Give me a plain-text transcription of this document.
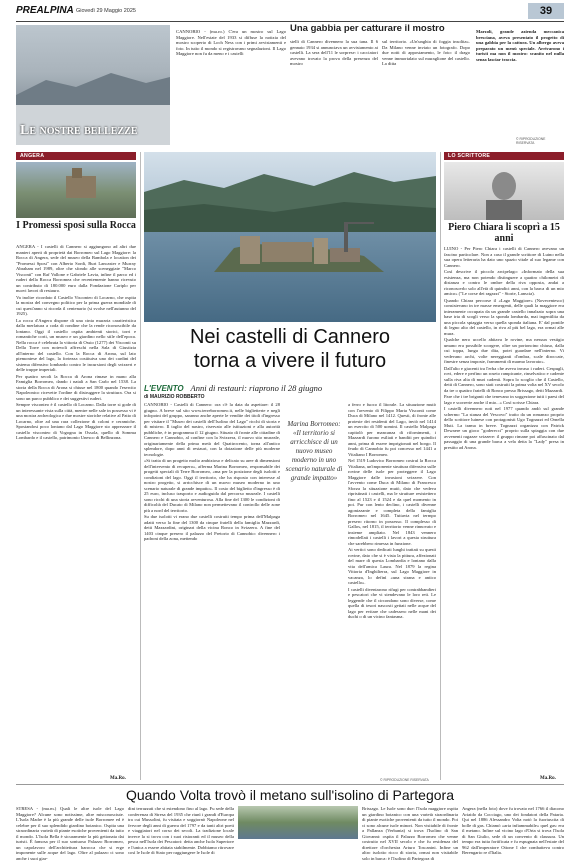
PREALPINA Giovedì 29 Maggio 2025	39
Le nostre bellezze
CANNOBIO - (ma.ro.) C'era un mostro sul Lago Maggiore. Nell'estate del 1933 si diffuse la notizia del mostro scoperto di Loch Ness con i primi avvistamenti e foto. In tutto il mondo si registravano segnalazioni. Il Lago Maggiore non fu da meno e i castelli
Una gabbia per catturare il mostro
stelli di Cannero divennero la sua tana. Il 6 gennaio 1934 si annunciava un avvistamento ai castelli. La sera dell'11 le sorprese: i cacciatori avevano trovato la prova della presenza del mostro
sul territorio. «Un'unghia di foggia insolita». Da Milano venne inviato un fotografo. Dopo due notti di appostamento, le foto: il drago venne immortalato sul muraglione del castello. La ditta
Marzoli, grande azienda meccanica bresciana, aveva presentato il progetto di una gabbia per la cattura. Un albergo aveva preparato un menù speciale. Arrivarono i turisti ma non il mostro: svanito nel nulla senza lasciar traccia.
© RIPRODUZIONE RISERVATA
ANGERA
I Promessi sposi sulla Rocca

ANGERA - I castelli di Cannero si aggiungono ad altri due manieri aperti di proprietà dai Borromeo sul Lago Maggiore: la Rocca di Angera, sede del museo della Bambola e location dei "Promessi Sposi" con Alberto Sordi, Burt Lancaster e Murray Abraham nel 1989, oltre che sfondo alle sceneggiate "Marco Visconti" con Raf Vallone e Gabriele Lavia, infine il parco ed i ruderi della Rocca Borromea che recentemente hanno ricevuto un contributo di 180.000 euro dalla Fondazione Cariplo per nuovi lavori di restauro.

Va inoltre ricordato il Castello Visconteo di Locarno, che ospita la mostra del convegno politico per la prima guerra mondiale di cui quest'anno si ricorda il centenario (si svolse nell'autunno del 1925).

La rocca d'Angera dispone di una cinta muraria caratteristica dalla merlatura a coda di rondine che la rende riconoscibile da lontano. Oggi il castello ospita ambienti storici, torri e romantiche corti, un museo e un giardino nello stile dell'epoca. Nella rocca è celebrata la vittoria di Ossio (1277) dei Visconti su Della Torre con notevoli affreschi nella Sala di Giustizia all'interno del castello. Con la Rocca di Arona, sul lato piemontese del lago, la fortezza costituiva uno dei cardini del sistema difensivo lombardo contro le incursioni degli svizzeri e delle truppe imperiali.

Per quattro secoli la Rocca di Arona rimase in mano alla Famiglia Borromeo, dando i natali a San Carlo nel 1538. La storia della Rocca di Arona si chiuse nel 1800 quando l'esercito Napoleonico ricevette l'ordine di distruggere la struttura. Ora si sono un parco pubblico e dei suggestivi ruderi.

Sempre visconteo è il castello di Locarno. Dalla torre si gode di un interessante vista sulla città, mentre nelle sale in possesso vi è una mostra archeologica e due mostre storiche relative al Patto di Locarno, oltre ad una rara collezione di coloni e ceramiche. Spostandosi poco lontano dal Lago Maggiore sto apprezzare il castello visconteo di Vogogna in Ossola, quello di Somma Lombardo e il castello, patrimonio Unesco di Bellinzona.

Ma.Ro.
LO SCRITTORE
Piero Chiara li scoprì a 15 anni

LUINO - Per Piero Chiara i castelli di Cannero avevano un fascino particolare. Non a caso il grande scrittore di Luino nella sua opera letteraria ha dato uno spazio vitale al suo legame con Cannero.

Così descrive il piccolo arcipelago: «Informato della sua esistenza, ma non potendo distinguere a quattro chilometri di distanza e contro le ombre della riva opposta, andai a riconoscerlo solo all'età di quindici anni, con la barca di un mio amico» ("Le corse dei ragazzi" - Storie, Lanscia).

Quando Chiara percorse il «Lago Maggiore» (Novecentesco) consistevano in tre masse emergenti, delle quali la maggiore era interamente occupata da un grande castello innalzato sopra una base irta di scogli verso la sponda lombarda, mai ingentilita da una piccola spiaggia verso quella sponda italiana. E' dal pontile di legno alto del castello, in riva al più bel lago, era ormai alle mura.

Qualche nero uccello abitava le rovine, ma nessun vestigio umano era possibile scorgere, oltre un portoncino chiuso, dalla cui toppa, lunga due dita, potei guardare nell'interno. Vi vedevano archi, volte nereggianti d'ombra, scale diroccate, finestre senza imposte, frammenti di marmo lavorato».

Dall'alto e giacenti tra l'erba che aveva invaso i ruderi. Cespugli, rovi, edere e perfino un roseto rampicante, rinselvatico e cadente sulla riva alta di muri cadenti. Sopra lo scoglio che il Castello, detti di Cannero, sono stati costruiti la prima volta nel XV secolo da tre o quattro fratelli di Ronco presso Brissago, detti Mazzardi.

Pare che i tre briganti che tenevano in soggezione tutti i paesi del lago e scorrerie anche il mio...» Così scrisse Chiara.

I castelli divennero noti nel 1977 quando andò sul grande schermo "La stanza del Vescovo" tratto da un romanzo proprio dello scrittore luinese con protagonisti Ugo Tognazzi ed Ornella Muti. La trama in breve. Tognazzi organizza con Patrick Dewaere un gioco "goderecci" proprio sulla spiaggia con due avvenenti ragazze svizzere: il gruppo rimane poi affascinato dal passaggio di una grande barca a vela detta la "Lady" presa in prestito ad Arona.

Ma.Ro.
Nei castelli di Cannero
torna a vivere il futuro
L'EVENTO Anni di restauri: riaprono il 28 giugno
di MAURIZIO ROBBERTO

CANNOBIO - Castelli di Cannero: ora c'è la data da aspettare: il 28 giugno. A breve sul sito www.terreborromeo.it, nelle biglietterie e negli infopoint del gruppo, saranno anche aperte le vendite dei titoli d'ingresso per visitare il "Museo dei castelli dell'Isolino del Lago" ricchi di storia e di mistero. Il taglio del nastro, riservato alle istituzioni e alla autorità pubbliche, è in programma il 12 giugno. Situato di fronte alle cittadine di Cannero e Cannobio, al confine con la Svizzera, il nuovo sito museale, originariamente della prima metà del Quattrocento, torna all'antico splendore, dopo anni di restauri, con la dotazione delle più moderne tecnologie.

«Si tratta di un progetto molto ambizioso e delicato su aree di dimensioni dell'intervento di recupero», afferma Marina Borromeo, responsabile dei progetti speciali di Terre Borromeo, «ma per la posizione degli isolotti e condizioni del lago. Oggi il territorio, che ha risposto con interesse al nostro progetto, si arricchisce di un nuovo museo moderno in uno scenario naturale di grande impatto». Il costo del biglietto d'ingresso è di 25 euro, incluso trasporto e audioguida dal percorso museale. I castelli sono ricchi di una storia avventurosa. Alla fine del 1300 le condizioni di difficoltà del Ducato di Milano non permettevano il controllo delle zone più a nord del territorio.

Su due isolotti vi erano due castelli costruiti tempo prima dell'Malpaga adatti verso la fine del 1300 da cinque fratelli della famiglia Mazzardi, detti Mazzardini, originari della vicina Ronco in Svizzera. A fine del 1403 cinque presero il palazzo del Pretorio di Cannobio: divennero i padroni della zona, mettendo

Marina Borromeo: «Il territorio si arricchisce di un nuovo museo moderno in uno scenario naturale di grande impatto»

a ferro e fuoco il litorale. La situazione mutò con l'avvento di Filippo Maria Visconti come Duca di Milano nel 1412. Questi, di fronte alle proteste dei residenti del Lago, inviò nel 1414 un esercito di 500 uomini. Il castello Malpaga capitolò per mancanza di rifornimenti, i Mazzardi furono esiliati e banditi per quindici anni, prima di essere imprigionati nel borgo. Il feudo di Cannobio fu poi concesso nel 1441 a Vitaliano I Borromeo.

Nel 1519 Ludovico Borromeo costruì la Rocca Vitaliana, un'imponente struttura difensiva sulle rovine delle isole per proteggere il Lago Maggiore dalle invasioni svizzere. Con l'avvento come Duca di Milano di Francesco Sforza la situazione mutò, dato che vedeva ripristinati i castelli, ma le strutture resistettero fino al 1523 e il 1524 e da quel momento in poi. Pur con lento declino, i castelli divenne agonizzante e completa della famiglia Borromeo nel 1645. Tuttavia nel termpo presero ritorno in possesso. Il complesso di Gallos, nel 1815, il territorio venne rinnovato e insieme ampliato. Nel 1843 vennero rimodellati i castelli i lavori a questa struttura che sarebbero rimessa in funzione.

Ai vertici sono dedicati lunghi trattati su questi rovine, dato che si è vista la pittura, affezionati del mare di questa Lombardia e lontano dalla vita dell'amica Laura. Nel 1879 la regina Vittoria d'Inghilterra, sul Lago Maggiore in vacanza, lo definì «una strana e antico castello».

I castelli diventarono rifugi per contrabbandieri e pescatori che vi stendevano le loro reti. Le leggende che il circondano sono diverse, come quella di tesori nascosti gettati nelle acque del lago per evitare che cadessero nelle mani dei duchi o di un vicino fantasma.

© RIPRODUZIONE RISERVATA
Quando Volta trovò il metano sull'isolino di Partegora
STRESA - (ma.m.) Quali le altre isole del Lago Maggiore? Alcune sono notissime, altre misconosciute. L'Isola Madre è la più grande delle isole Borromee ed è celebre per il suo splendido giardino botanico. Ospita una straordinaria varietà di piante esotiche provenienti da tutto il mondo. L'Isola Bella è sicuramente la più gettonata dai turisti. È famosa per il suo sontuoso Palazzo Borromeo, un capolavoro dell'architettura barocca che si erge imponente sulle acque del lago. Oltre al palazzo ci sono anche i suoi giar-
dini terrazzati che si estendono fino al lago. Fu sede della conferenza di Stresa del 1935 che riunì i grandi d'Europa tra cui Mussolini, fu visitata e soggiornò Napoleone nel fervore degli anni di guerra del 1797 e da tanti altri poeti e viaggiatori nel corso dei secoli. La tradizione locale invece la si trova con i suoi ristoranti ed il museo della pesca nell'Isola dei Pescatori: detta anche Isola Superiore e l'unica a essere abitata stabilmente. Dobbiamo ritrovare così le Isole di Stato per raggiungere le Isole di
Brissago. Le Isole sono due: l'Isola maggiore ospita un giardino botanico con una varietà straordinaria di piante esotiche provenienti da tutto il mondo. Poi ci sono alcune isole minori. Non visitabile di fronte a Pallanza (Verbania) si trova l'Isolino di San Giovanni: ospita il Palazzo Borromeo che venne costruito nel XVII secolo e che fu residenza del direttore d'orchestra Arturo Toscanini. Infine un altro isolotto ricco di storia, ormai non visitabile solo in barca: è l'Isolino di Partegora di
Angera (nella foto) dove fu trovato nel 1766 il diacono Ariaido da Cocciago, uno dei fondatori della Pataria. Qui nel 1886 Alessandro Volta notò la fuoriuscita di bolle di gas. Chiamò «aria infiammabile» quel gas: era il metano. Infine sul vicino lago d'Orta si trova l'Isola di San Giulio, sede di un convento di clausura. Un tempo era tutta fortificata e fu espugnata nell'estate del 962 dall'imperatore Ottone I che combatteva contro Berengario re d'Italia.
